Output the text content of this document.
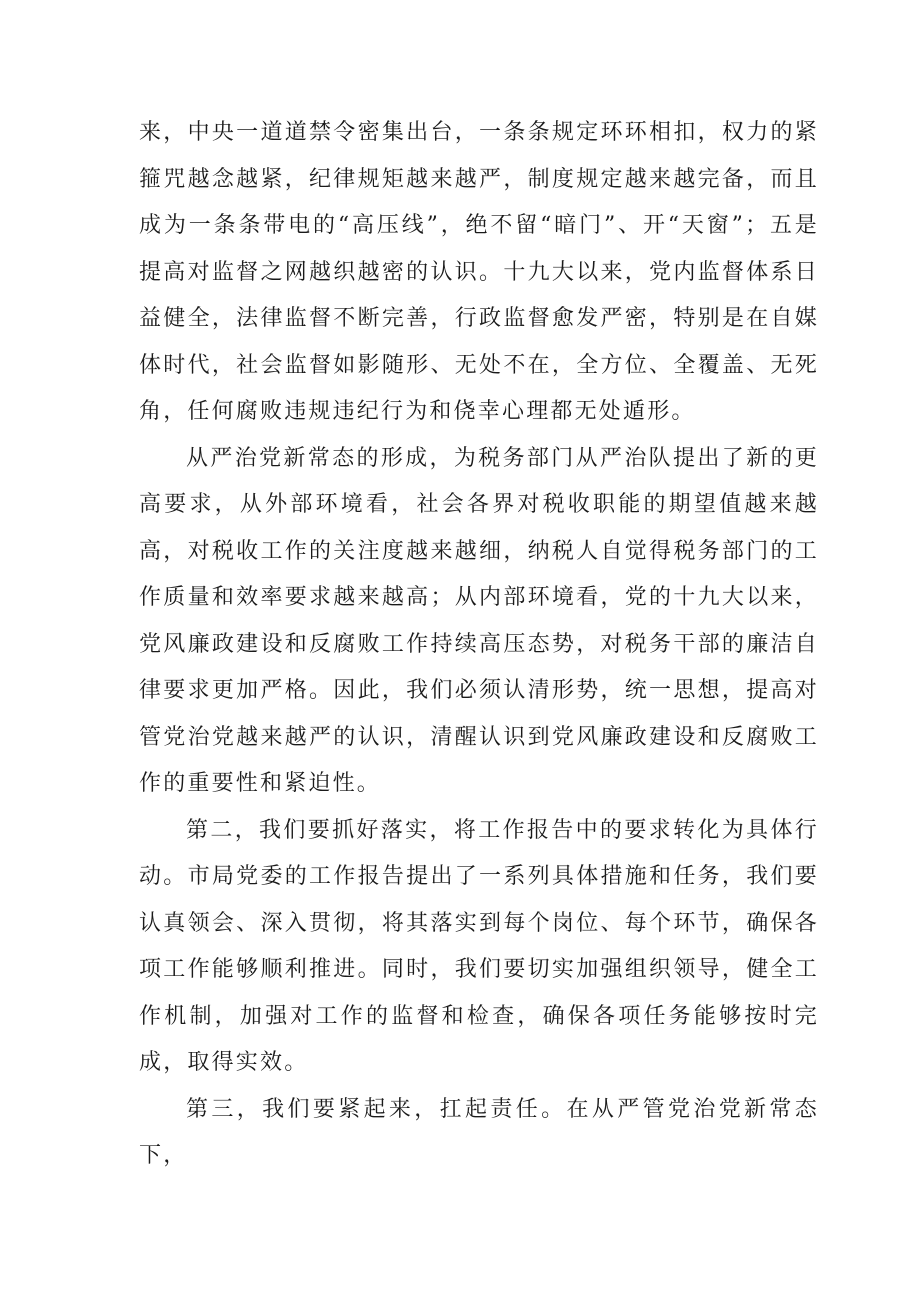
来，中央一道道禁令密集出台，一条条规定环环相扣，权力的紧箍咒越念越紧，纪律规矩越来越严，制度规定越来越完备，而且成为一条条带电的“高压线”，绝不留“暗门”、开“天窗”；五是提高对监督之网越织越密的认识。十九大以来，党内监督体系日益健全，法律监督不断完善，行政监督愈发严密，特别是在自媒体时代，社会监督如影随形、无处不在，全方位、全覆盖、无死角，任何腐败违规违纪行为和侥幸心理都无处遁形。

从严治党新常态的形成，为税务部门从严治队提出了新的更高要求，从外部环境看，社会各界对税收职能的期望值越来越高，对税收工作的关注度越来越细，纳税人自觉得税务部门的工作质量和效率要求越来越高；从内部环境看，党的十九大以来，党风廉政建设和反腐败工作持续高压态势，对税务干部的廉洁自律要求更加严格。因此，我们必须认清形势，统一思想，提高对管党治党越来越严的认识，清醒认识到党风廉政建设和反腐败工作的重要性和紧迫性。

第二，我们要抓好落实，将工作报告中的要求转化为具体行动。市局党委的工作报告提出了一系列具体措施和任务，我们要认真领会、深入贯彻，将其落实到每个岗位、每个环节，确保各项工作能够顺利推进。同时，我们要切实加强组织领导，健全工作机制，加强对工作的监督和检查，确保各项任务能够按时完成，取得实效。

第三，我们要紧起来，扛起责任。在从严管党治党新常态下，
